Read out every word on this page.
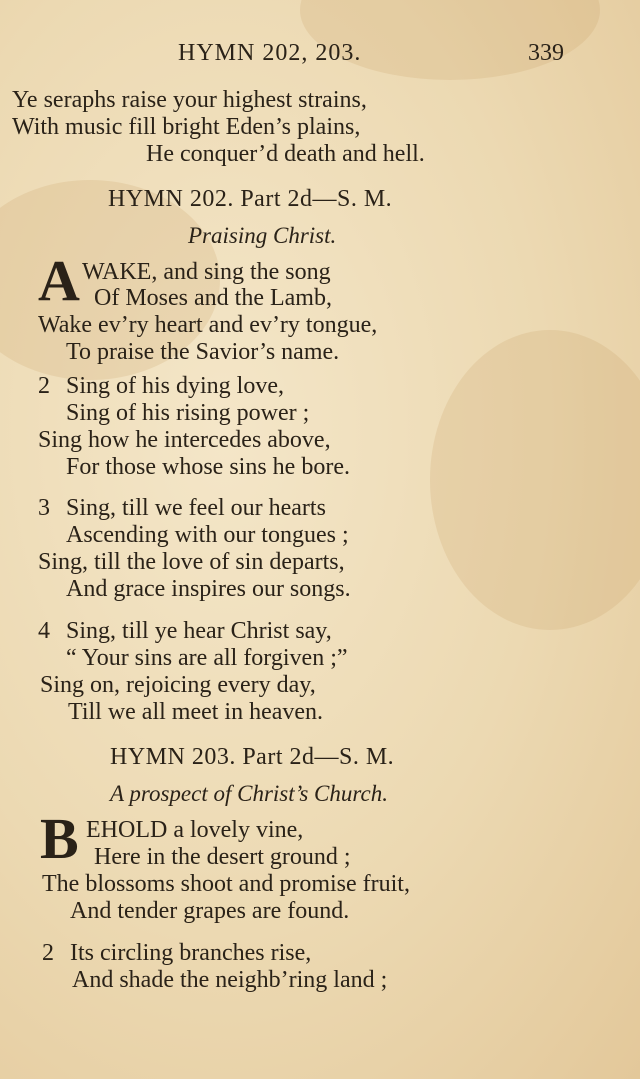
HYMN 202, 203.	339
Ye seraphs raise your highest strains,
With music fill bright Eden’s plains,
He conquer’d death and hell.
HYMN 202. Part 2d—S. M.
Praising Christ.
A WAKE, and sing the song
Of Moses and the Lamb,
Wake ev’ry heart and ev’ry tongue,
To praise the Savior’s name.
2 Sing of his dying love,
Sing of his rising power ;
Sing how he intercedes above,
For those whose sins he bore.
3 Sing, till we feel our hearts
Ascending with our tongues ;
Sing, till the love of sin departs,
And grace inspires our songs.
4 Sing, till ye hear Christ say,
“ Your sins are all forgiven ;”
Sing on, rejoicing every day,
Till we all meet in heaven.
HYMN 203. Part 2d—S. M.
A prospect of Christ’s Church.
B EHOLD a lovely vine,
Here in the desert ground ;
The blossoms shoot and promise fruit,
And tender grapes are found.
2 Its circling branches rise,
And shade the neighb’ring land ;
